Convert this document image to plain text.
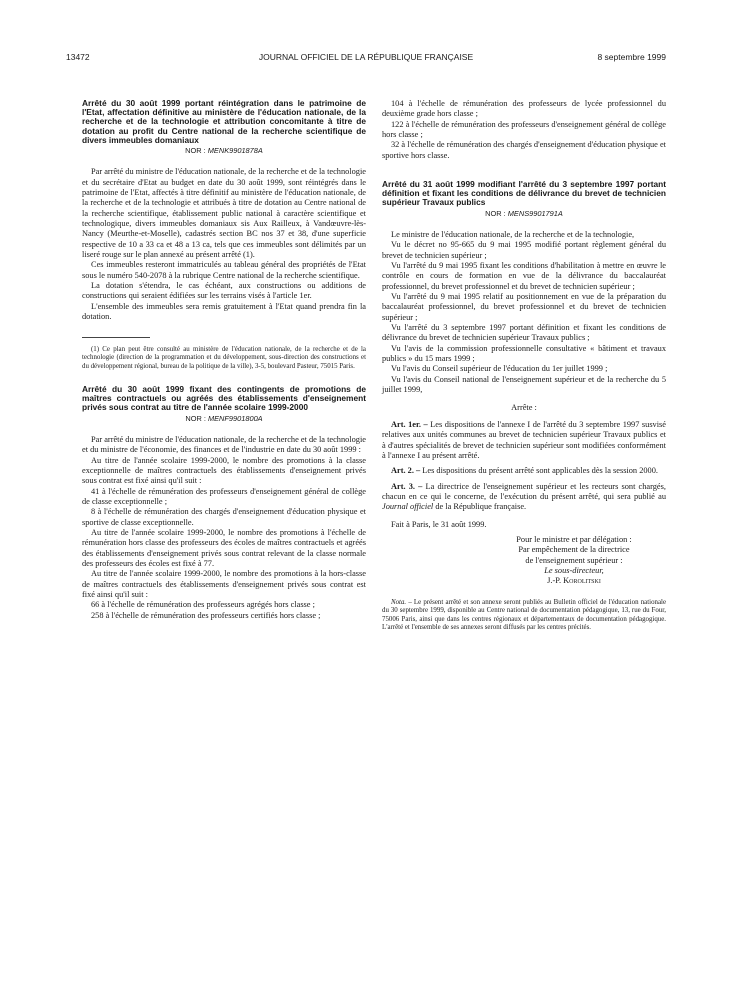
13472	JOURNAL OFFICIEL DE LA RÉPUBLIQUE FRANÇAISE	8 septembre 1999
Arrêté du 30 août 1999 portant réintégration dans le patrimoine de l'Etat, affectation définitive au ministère de l'éducation nationale, de la recherche et de la technologie et attribution concomitante à titre de dotation au profit du Centre national de la recherche scientifique de divers immeubles domaniaux
NOR : MENK9901878A

Par arrêté du ministre de l'éducation nationale, de la recherche et de la technologie et du secrétaire d'Etat au budget en date du 30 août 1999, sont réintégrés dans le patrimoine de l'Etat, affectés à titre définitif au ministère de l'éducation nationale, de la recherche et de la technologie et attribués à titre de dotation au Centre national de la recherche scientifique, établissement public national à caractère scientifique et technologique, divers immeubles domaniaux sis Aux Railleux, à Vandœuvre-lès-Nancy (Meurthe-et-Moselle), cadastrés section BC nos 37 et 38, d'une superficie respective de 10 a 33 ca et 48 a 13 ca, tels que ces immeubles sont délimités par un liseré rouge sur le plan annexé au présent arrêté (1).

Ces immeubles resteront immatriculés au tableau général des propriétés de l'Etat sous le numéro 540-2078 à la rubrique Centre national de la recherche scientifique.

La dotation s'étendra, le cas échéant, aux constructions ou additions de constructions qui seraient édifiées sur les terrains visés à l'article 1er.

L'ensemble des immeubles sera remis gratuitement à l'Etat quand prendra fin la dotation.

(1) Ce plan peut être consulté au ministère de l'éducation nationale, de la recherche et de la technologie (direction de la programmation et du développement, sous-direction des constructions et du développement régional, bureau de la politique de la ville), 3-5, boulevard Pasteur, 75015 Paris.
Arrêté du 30 août 1999 fixant des contingents de promotions de maîtres contractuels ou agréés des établissements d'enseignement privés sous contrat au titre de l'année scolaire 1999-2000
NOR : MENF9901800A

Par arrêté du ministre de l'éducation nationale, de la recherche et de la technologie et du ministre de l'économie, des finances et de l'industrie en date du 30 août 1999 :

Au titre de l'année scolaire 1999-2000, le nombre des promotions à la classe exceptionnelle de maîtres contractuels des établissements d'enseignement privés sous contrat est fixé ainsi qu'il suit :

41 à l'échelle de rémunération des professeurs d'enseignement général de collège de classe exceptionnelle ;

8 à l'échelle de rémunération des chargés d'enseignement d'éducation physique et sportive de classe exceptionnelle.

Au titre de l'année scolaire 1999-2000, le nombre des promotions à l'échelle de rémunération hors classe des professeurs des écoles de maîtres contractuels et agréés des établissements d'enseignement privés sous contrat relevant de la classe normale des professeurs des écoles est fixé à 77.

Au titre de l'année scolaire 1999-2000, le nombre des promotions à la hors-classe de maîtres contractuels des établissements d'enseignement privés sous contrat est fixé ainsi qu'il suit :

66 à l'échelle de rémunération des professeurs agrégés hors classe ;

258 à l'échelle de rémunération des professeurs certifiés hors classe ;

104 à l'échelle de rémunération des professeurs de lycée professionnel du deuxième grade hors classe ;

122 à l'échelle de rémunération des professeurs d'enseignement général de collège hors classe ;

32 à l'échelle de rémunération des chargés d'enseignement d'éducation physique et sportive hors classe.

Arrêté du 31 août 1999 modifiant l'arrêté du 3 septembre 1997 portant définition et fixant les conditions de délivrance du brevet de technicien supérieur Travaux publics
NOR : MENS9901791A

Le ministre de l'éducation nationale, de la recherche et de la technologie,

Vu le décret no 95-665 du 9 mai 1995 modifié portant règlement général du brevet de technicien supérieur ;

Vu l'arrêté du 9 mai 1995 fixant les conditions d'habilitation à mettre en œuvre le contrôle en cours de formation en vue de la délivrance du baccalauréat professionnel, du brevet professionnel et du brevet de technicien supérieur ;

Vu l'arrêté du 9 mai 1995 relatif au positionnement en vue de la préparation du baccalauréat professionnel, du brevet professionnel et du brevet de technicien supérieur ;

Vu l'arrêté du 3 septembre 1997 portant définition et fixant les conditions de délivrance du brevet de technicien supérieur Travaux publics ;

Vu l'avis de la commission professionnelle consultative « bâtiment et travaux publics » du 15 mars 1999 ;

Vu l'avis du Conseil supérieur de l'éducation du 1er juillet 1999 ;

Vu l'avis du Conseil national de l'enseignement supérieur et de la recherche du 5 juillet 1999,

Arrête :

Art. 1er. – Les dispositions de l'annexe I de l'arrêté du 3 septembre 1997 susvisé relatives aux unités communes au brevet de technicien supérieur Travaux publics et à d'autres spécialités de brevet de technicien supérieur sont modifiées conformément à l'annexe I au présent arrêté.

Art. 2. – Les dispositions du présent arrêté sont applicables dès la session 2000.

Art. 3. – La directrice de l'enseignement supérieur et les recteurs sont chargés, chacun en ce qui le concerne, de l'exécution du présent arrêté, qui sera publié au Journal officiel de la République française.

Fait à Paris, le 31 août 1999.

Pour le ministre et par délégation :
Par empêchement de la directrice
de l'enseignement supérieur :
Le sous-directeur,
J.-P. Korolitski
Nota. – Le présent arrêté et son annexe seront publiés au Bulletin officiel de l'éducation nationale du 30 septembre 1999, disponible au Centre national de documentation pédagogique, 13, rue du Four, 75006 Paris, ainsi que dans les centres régionaux et départementaux de documentation pédagogique. L'arrêté et l'ensemble de ses annexes seront diffusés par les centres précités.
